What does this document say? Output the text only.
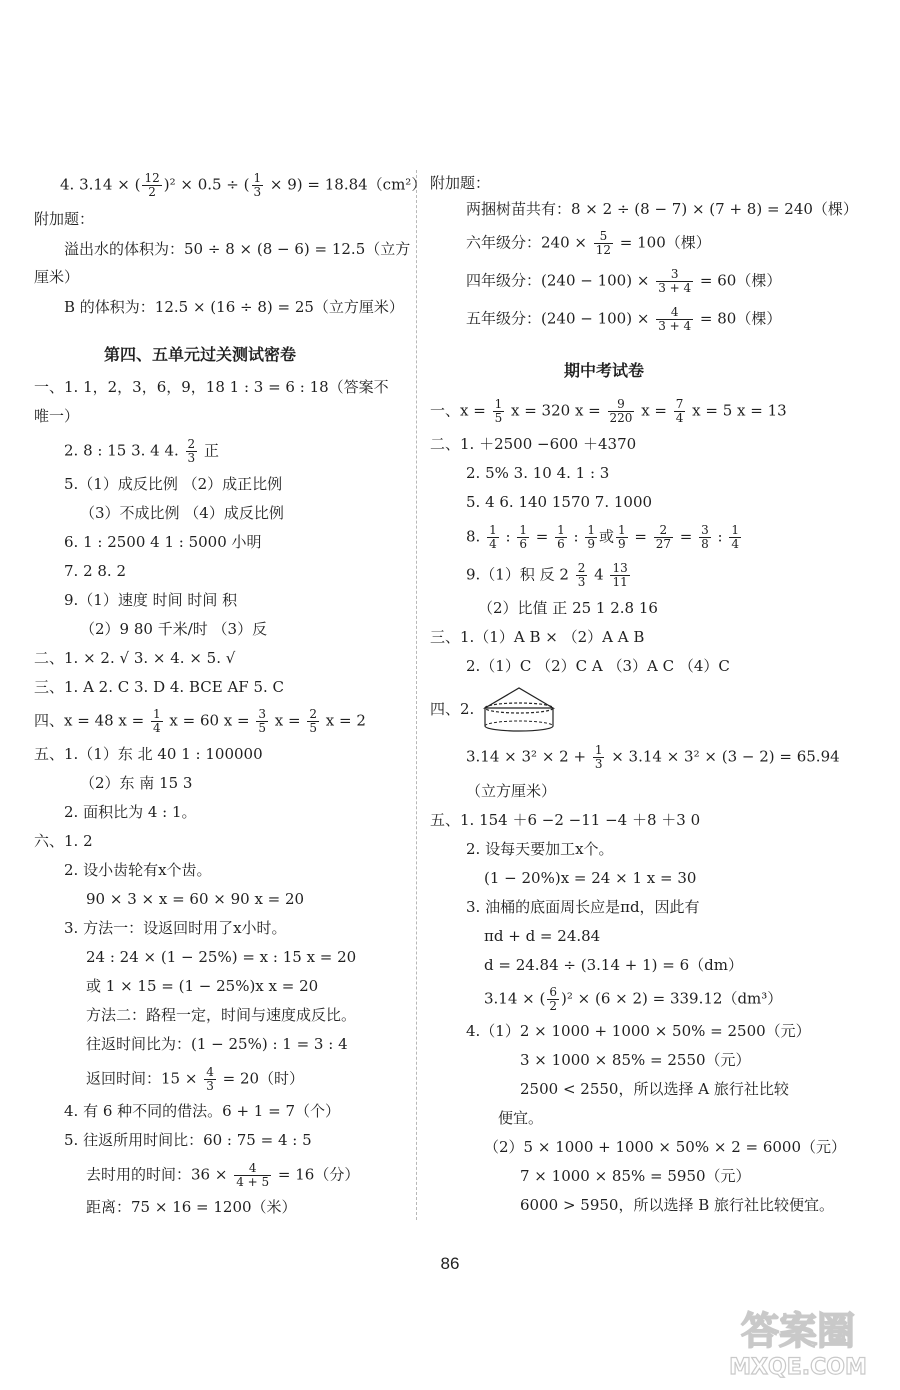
4. 3.14 × ( $\frac{12}{2} )^2 \times 0.5$ ÷ ( $\frac{1}{3} \times 9) = 18.84(cm^2)$
附加题：
溢出水的体积为：50 ÷ 8 × (8 − 6) = 12.5（立方
厘米）
B 的体积为：12.5 × (16 ÷ 8) = 25（立方厘米）
第四、五单元过关测试密卷
一、1. 1，2，3，6，9，18 1 : 3 = 6 : 18（答案不
唯一）
2. 8 : 15 3. 4 4. $\frac{2}{3}$ 正
5.（1）成反比例 （2）成正比例
（3）不成比例 （4）成反比例
6. 1 : 2500 4 1 : 5000 小明
7. 2 8. 2
9.（1）速度 时间 时间 积
（2）9 80 千米/时 （3）反
二、1. × 2. √ 3. × 4. × 5. √
三、1. A 2. C 3. D 4. BCE AF 5. C
四、x = 48 $x = \frac{1}{4}$ x = 60 $x = \frac{3}{5}$ $x = \frac{2}{5}$ x = 2
五、1.（1）东 北 40 1 : 100000
（2）东 南 15 3
2. 面积比为 4 : 1。
六、1. 2
2. 设小齿轮有x个齿。
90 × 3 × x = 60 × 90 x = 20
3. 方法一：设返回时用了x小时。
24 : 24 × (1 − 25%) = x : 15 x = 20
或 1 × 15 = (1 − 25%)x x = 20
方法二：路程一定，时间与速度成反比。
往返时间比为：(1 − 25%) : 1 = 3 : 4
返回时间：$15 \times \frac{4}{3} = 20$（时）
4. 有 6 种不同的借法。6 + 1 = 7（个）
5. 往返所用时间比：60 : 75 = 4 : 5
去时用的时间：$36 \times \frac{4}{4 + 5} = 16$（分）
距离：75 × 16 = 1200（米）
附加题：
两捆树苗共有：8 × 2 ÷ (8 − 7) × (7 + 8) = 240（棵）
六年级分：$240 \times \frac{5}{12} = 100$（棵）
四年级分：$(240 - 100) \times \frac{3}{3 + 4} = 60$（棵）
五年级分：$(240 - 100) \times \frac{4}{3 + 4} = 80$（棵）
期中考试卷
一、$x = \frac{1}{5}$ x = 320 $x = \frac{9}{220}$ $x = \frac{7}{4}$ x = 5 x = 13
二、1. ＋2500 −600 ＋4370
2. 5% 3. 10 4. 1 : 3
5. 4 6. 140 1570 7. 1000
8. $\frac{1}{4}$ : $\frac{1}{6} = \frac{1}{6}$ : $\frac{1}{9}$ 或 $\frac{1}{9} = \frac{2}{27} = \frac{3}{8}$ : $\frac{1}{4}$
9.（1）积 反 $2 \frac{2}{3} 4 \frac{13}{11}$
（2）比值 正 25 1 2.8 16
三、1.（1）A B × （2）A A B
2.（1）C （2）C A （3）A C （4）C
四、2.
$3.14 \times 3^2 \times 2 + \frac{1}{3} \times 3.14 \times 3^2 \times (3 - 2) = 65.94$
（立方厘米）
五、1. 154 ＋6 −2 −11 −4 ＋8 ＋3 0
2. 设每天要加工x个。
(1 − 20%)x = 24 × 1 x = 30
3. 油桶的底面周长应是πd，因此有
πd + d = 24.84
d = 24.84 ÷ (3.14 + 1) = 6（dm）
3.14 × ( $\frac{6}{2} )^2 \times (6 \times 2) = 339.12(dm^3)$
4.（1）2 × 1000 + 1000 × 50% = 2500（元）
3 × 1000 × 85% = 2550（元）
2500 < 2550，所以选择 A 旅行社比较
便宜。
（2）5 × 1000 + 1000 × 50% × 2 = 6000（元）
7 × 1000 × 85% = 5950（元）
6000 > 5950，所以选择 B 旅行社比较便宜。
86
答案圈
MXQE.COM
